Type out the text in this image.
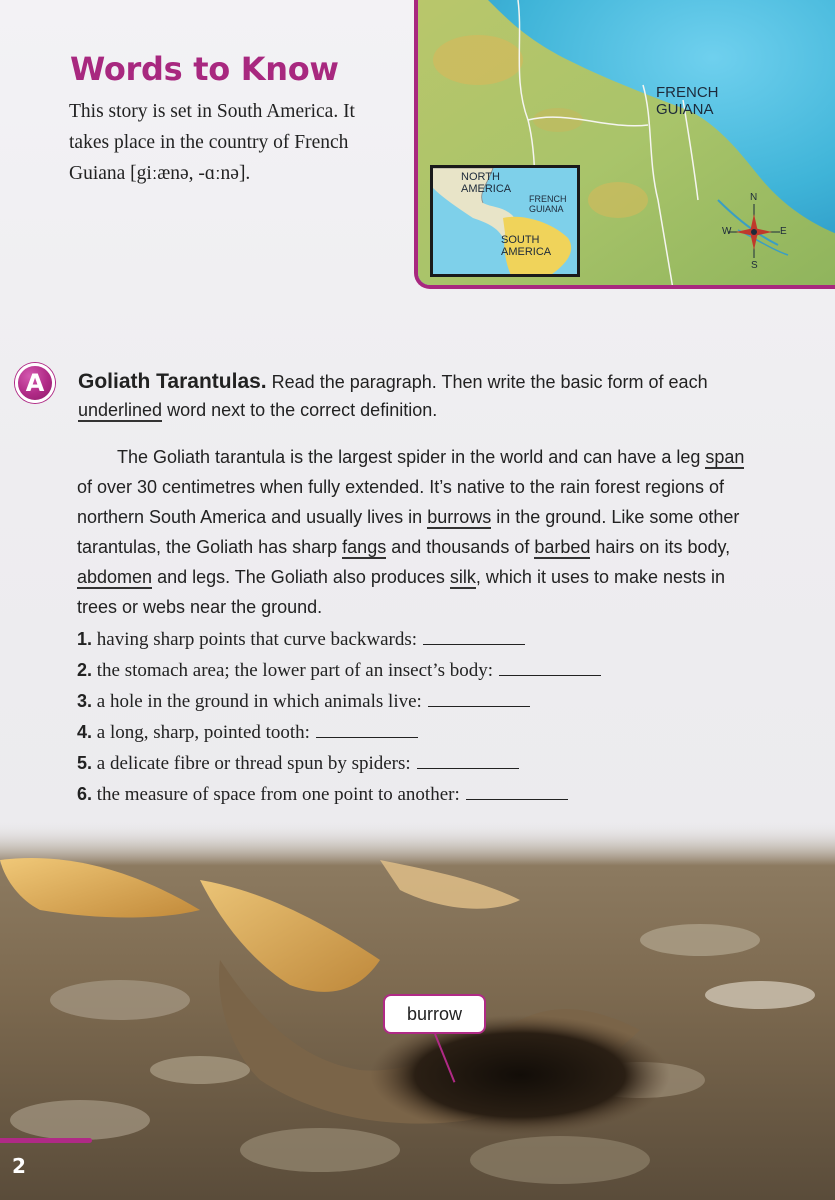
Words to Know

This story is set in South America. It takes place in the country of French Guiana [giːænə, -ɑːnə].

FRENCH GUIANA
NORTH AMERICA
FRENCH GUIANA
SOUTH AMERICA
N
S
W	E
A	Goliath Tarantulas. Read the paragraph. Then write the basic form of each underlined word next to the correct definition.

The Goliath tarantula is the largest spider in the world and can have a leg span of over 30 centimetres when fully extended. It’s native to the rain forest regions of northern South America and usually lives in burrows in the ground. Like some other tarantulas, the Goliath has sharp fangs and thousands of barbed hairs on its body, abdomen and legs. The Goliath also produces silk, which it uses to make nests in trees or webs near the ground.

1. having sharp points that curve backwards:
2. the stomach area; the lower part of an insect’s body:
3. a hole in the ground in which animals live:
4. a long, sharp, pointed tooth:
5. a delicate fibre or thread spun by spiders:
6. the measure of space from one point to another:
burrow
2
